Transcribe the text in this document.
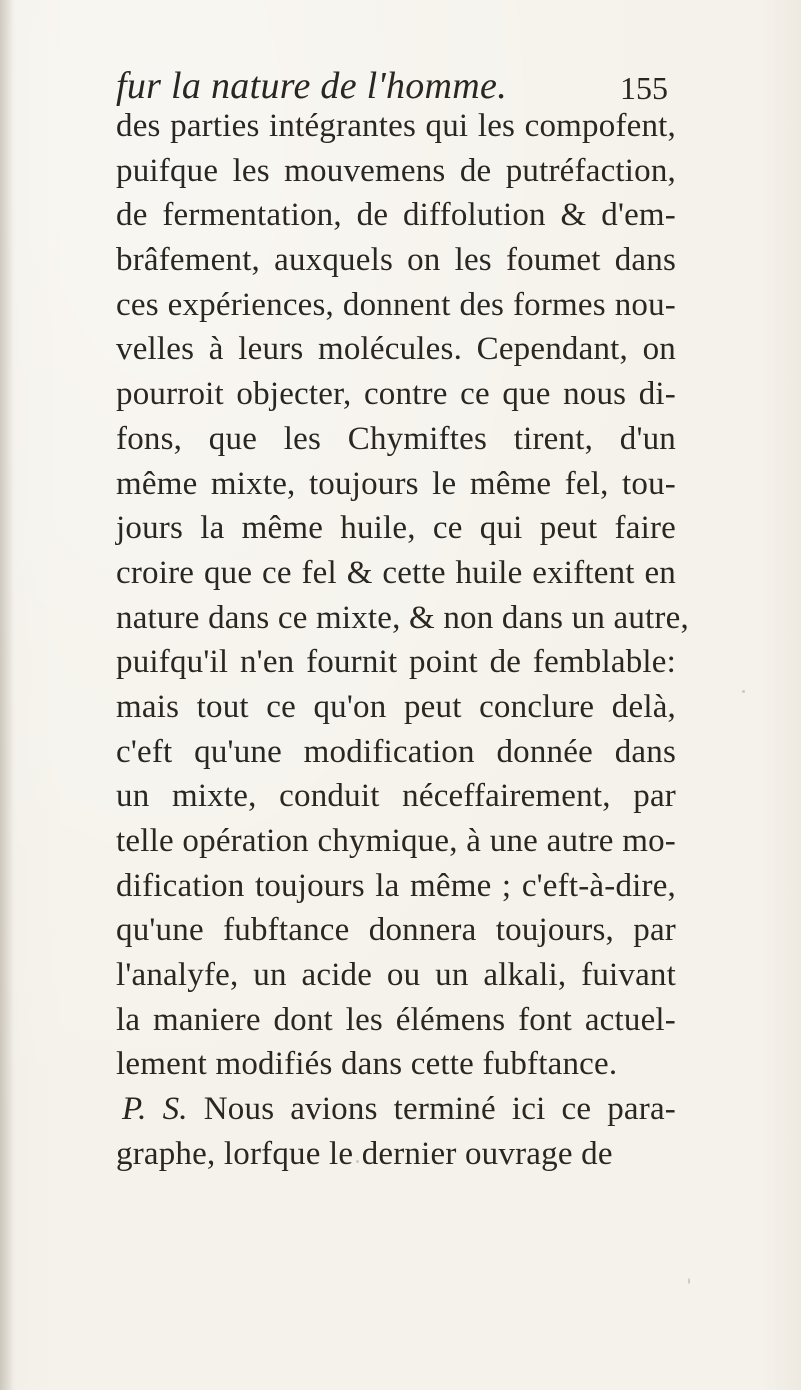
fur la nature de l'homme.	155
des parties intégrantes qui les compofent,
puifque les mouvemens de putréfaction,
de fermentation, de diffolution & d'em-
brâfement, auxquels on les foumet dans
ces expériences, donnent des formes nou-
velles à leurs molécules. Cependant, on
pourroit objecter, contre ce que nous di-
fons, que les Chymiftes tirent, d'un
même mixte, toujours le même fel, tou-
jours la même huile, ce qui peut faire
croire que ce fel & cette huile exiftent en
nature dans ce mixte, & non dans un autre,
puifqu'il n'en fournit point de femblable:
mais tout ce qu'on peut conclure delà,
c'eft qu'une modification donnée dans
un mixte, conduit néceffairement, par
telle opération chymique, à une autre mo-
dification toujours la même ; c'eft-à-dire,
qu'une fubftance donnera toujours, par
l'analyfe, un acide ou un alkali, fuivant
la maniere dont les élémens font actuel-
lement modifiés dans cette fubftance.
P. S. Nous avions terminé ici ce para-
graphe, lorfque le dernier ouvrage de
